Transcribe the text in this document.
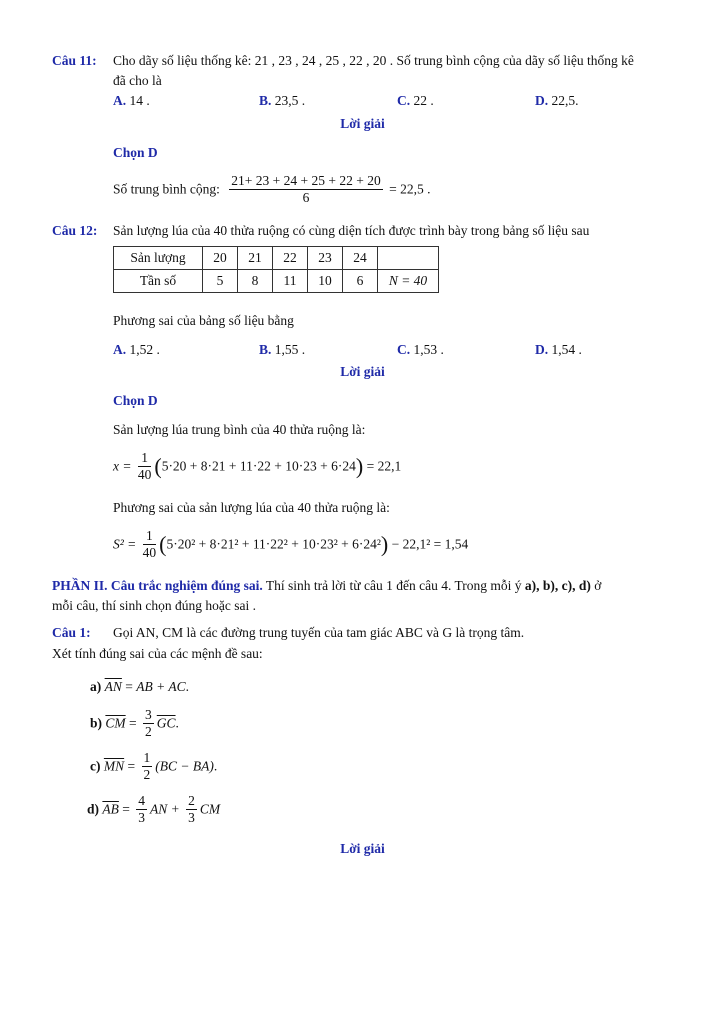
Câu 11: Cho dãy số liệu thống kê: 21 , 23 , 24 , 25 , 22 , 20 . Số trung bình cộng của dãy số liệu thống kê
đã cho là
A. 14 .	B. 23,5 .	C. 22 .	D. 22,5.
Lời giải
Chọn D
Số trung bình cộng: $\frac{21+ 23 + 24 + 25 + 22 + 20}{6} = 22,5$ .
Câu 12: Sản lượng lúa của 40 thửa ruộng có cùng diện tích được trình bày trong bảng số liệu sau
Sản lượng	20	21	22	23	24	
Tần số	5	8	11	10	6	N = 40
Phương sai của bảng số liệu bằng
A. 1,52 .	B. 1,55 .	C. 1,53 .	D. 1,54 .
Lời giải
Chọn D
Sản lượng lúa trung bình của 40 thửa ruộng là:
$x = \frac{1}{40} (5\cdot 20 + 8\cdot 21 + 11\cdot 22 + 10\cdot 23 + 6\cdot 24) = 22,1$
Phương sai của sản lượng lúa của 40 thửa ruộng là:
$S^2 = \frac{1}{40} (5\cdot 20^2 + 8\cdot 21^2 + 11\cdot 22^2 + 10\cdot 23^2 + 6\cdot 24^2) - 22,1^2 = 1,54$
PHẦN II. Câu trắc nghiệm đúng sai. Thí sinh trả lời từ câu 1 đến câu 4. Trong mỗi ý a), b), c), d) ở
mỗi câu, thí sinh chọn đúng hoặc sai .
Câu 1: Gọi AN, CM là các đường trung tuyến của tam giác ABC và G là trọng tâm.
Xét tính đúng sai của các mệnh đề sau:
a) $\overline{AN}$ = AB + AC.
b) $\overline{CM} = \frac{3}{2} \overline{GC}$.
c) $\overline{MN} = \frac{1}{2} (BC - BA)$.
d) $\overline{AB} = \frac{4}{3}$ AN + $\frac{2}{3}$ CM
Lời giải
